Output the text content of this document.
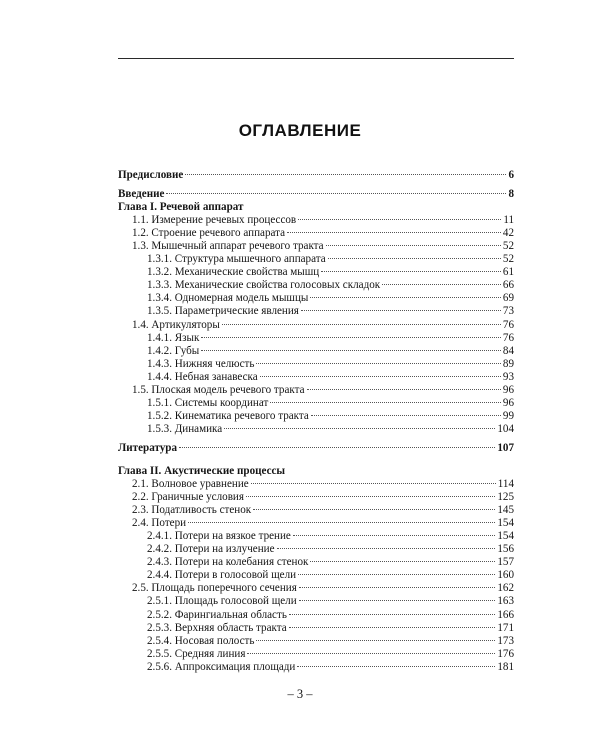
ОГЛАВЛЕНИЕ
Предисловие	6
Введение	8
Глава I. Речевой аппарат
1.1. Измерение речевых процессов	11
1.2. Строение речевого аппарата	42
1.3. Мышечный аппарат речевого тракта	52
1.3.1. Структура мышечного аппарата	52
1.3.2. Механические свойства мышц	61
1.3.3. Механические свойства голосовых складок	66
1.3.4. Одномерная модель мышцы	69
1.3.5. Параметрические явления	73
1.4. Артикуляторы	76
1.4.1. Язык	76
1.4.2. Губы	84
1.4.3. Нижняя челюсть	89
1.4.4. Небная занавеска	93
1.5. Плоская модель речевого тракта	96
1.5.1. Системы координат	96
1.5.2. Кинематика речевого тракта	99
1.5.3. Динамика	104
Литература	107
Глава II. Акустические процессы
2.1. Волновое уравнение	114
2.2. Граничные условия	125
2.3. Податливость стенок	145
2.4. Потери	154
2.4.1. Потери на вязкое трение	154
2.4.2. Потери на излучение	156
2.4.3. Потери на колебания стенок	157
2.4.4. Потери в голосовой щели	160
2.5. Площадь поперечного сечения	162
2.5.1. Площадь голосовой щели	163
2.5.2. Фарингиальная область	166
2.5.3. Верхняя область тракта	171
2.5.4. Носовая полость	173
2.5.5. Средняя линия	176
2.5.6. Аппроксимация площади	181
– 3 –
